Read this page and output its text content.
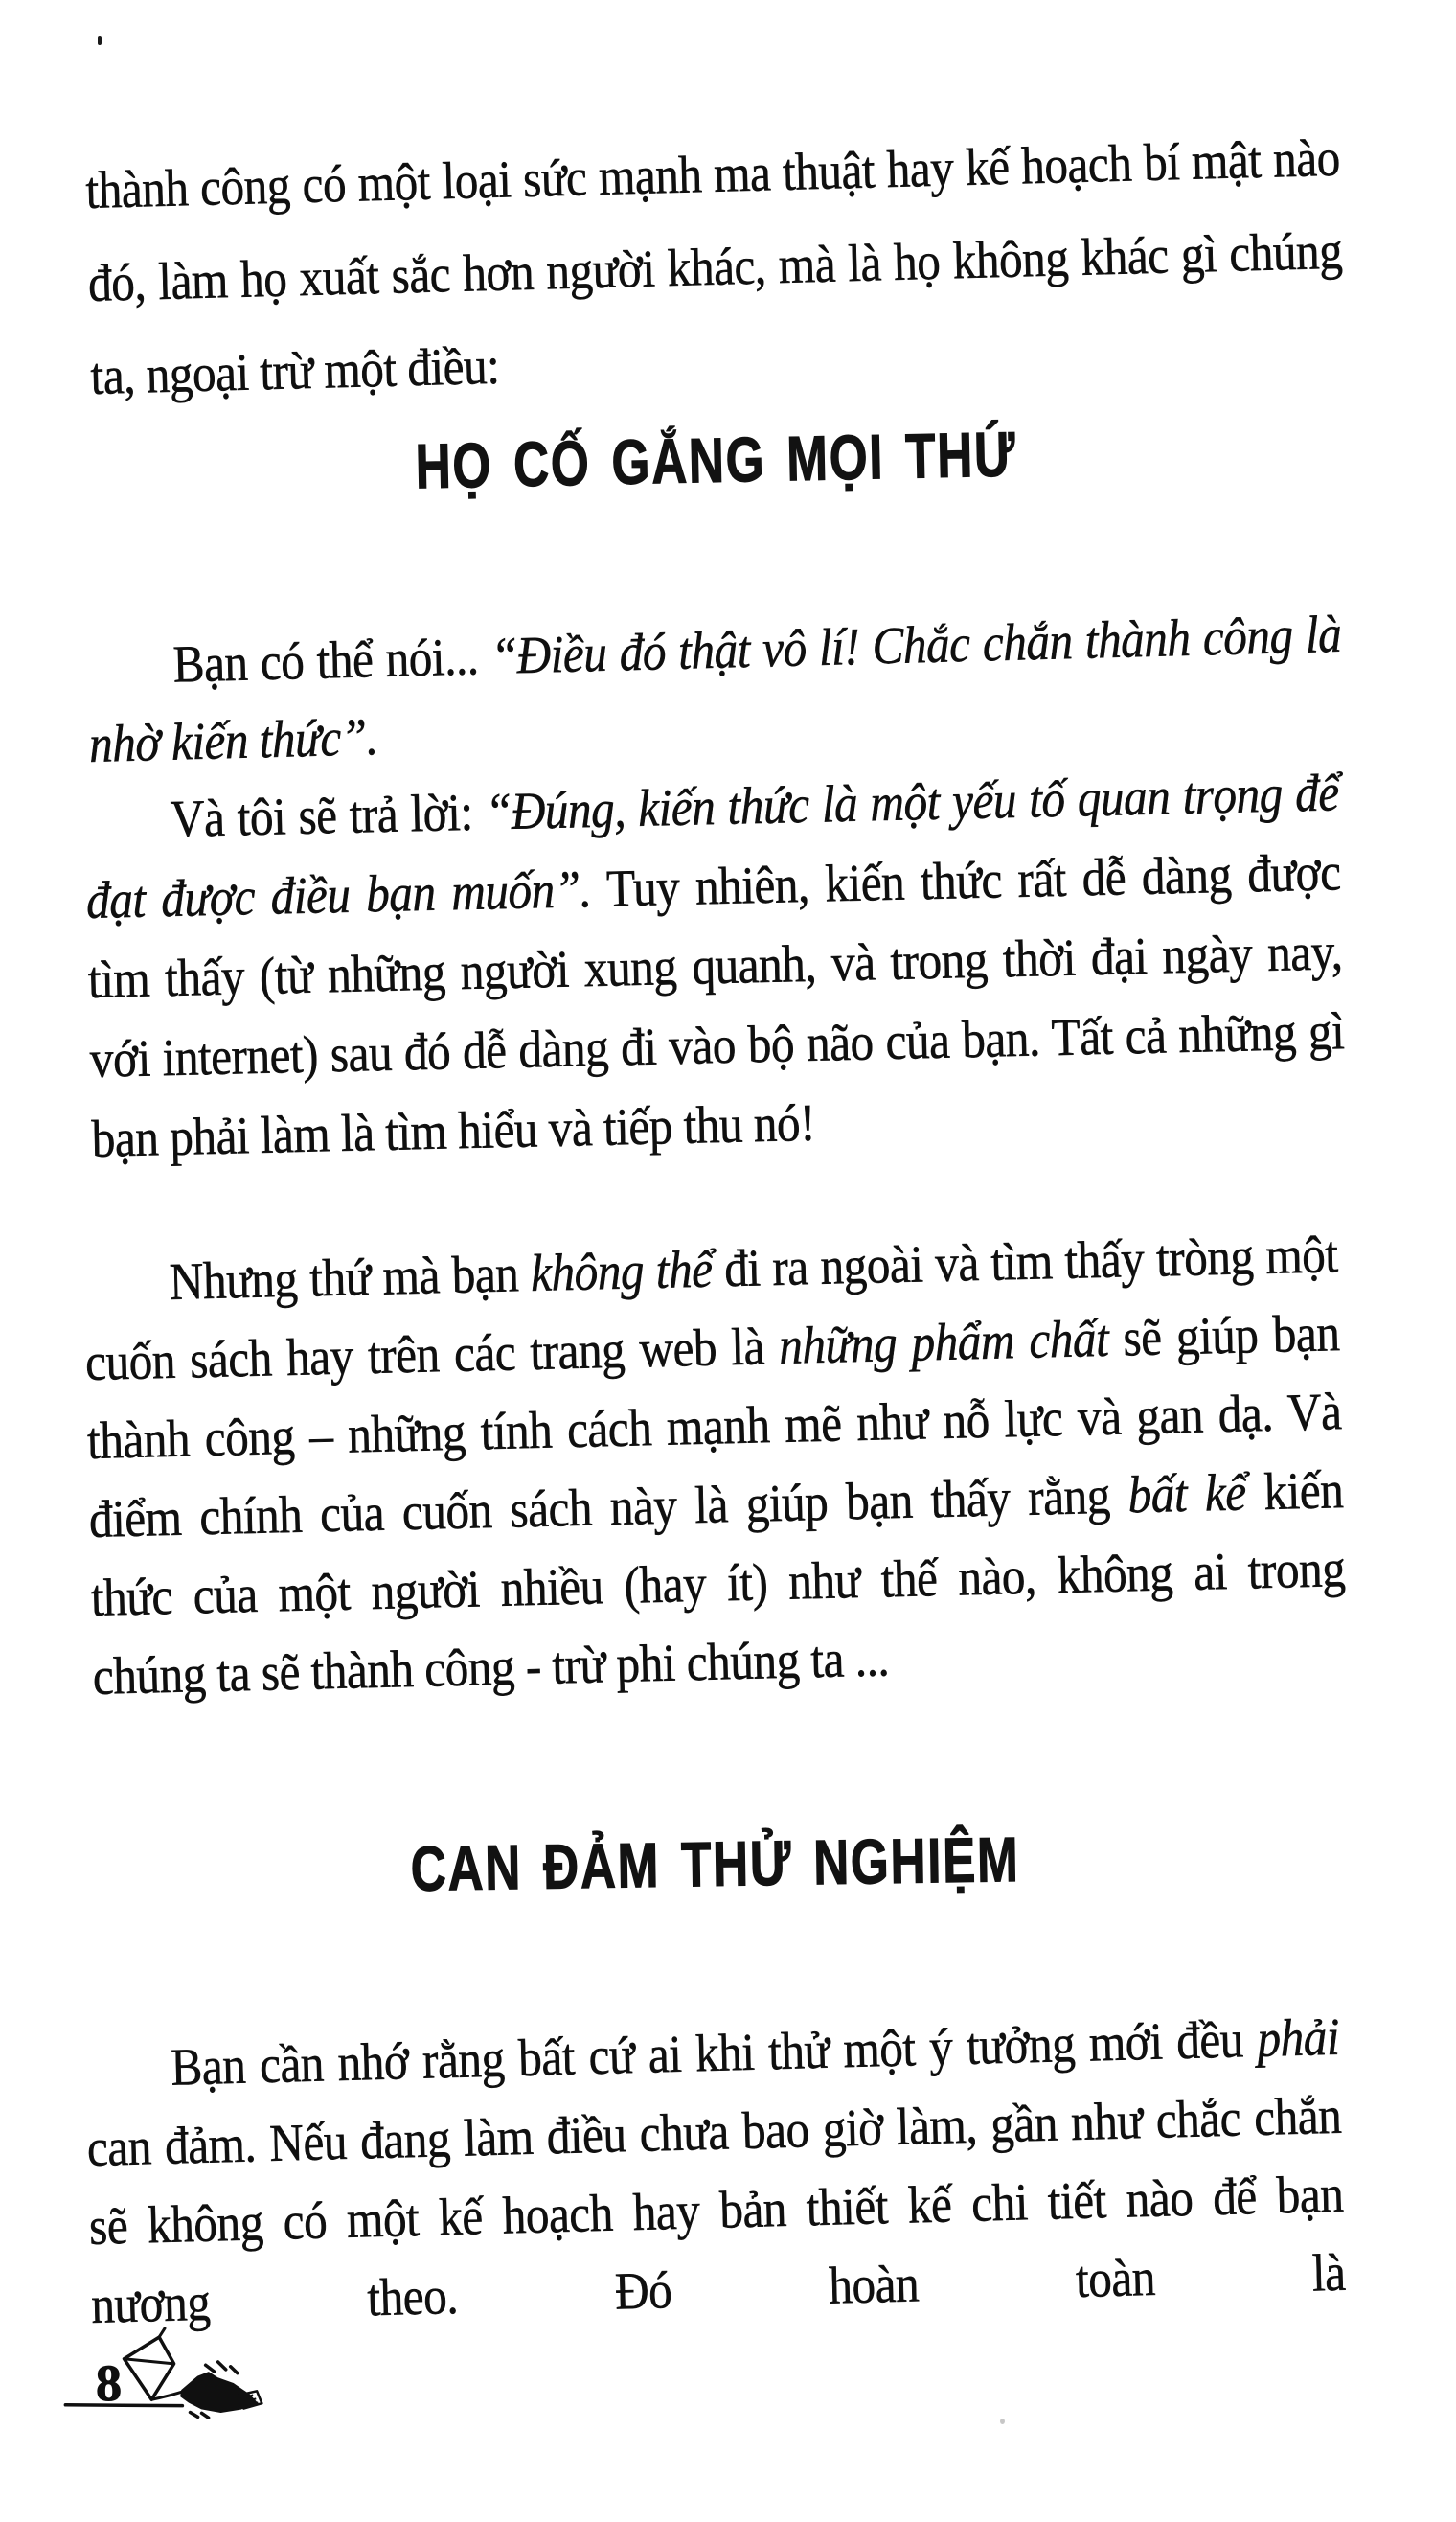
thành công có một loại sức mạnh ma thuật hay kế hoạch bí mật nào đó, làm họ xuất sắc hơn người khác, mà là họ không khác gì chúng ta, ngoại trừ một điều:

HỌ CỐ GẮNG MỌI THỨ

Bạn có thể nói... “Điều đó thật vô lí! Chắc chắn thành công là nhờ kiến thức”.

Và tôi sẽ trả lời: “Đúng, kiến thức là một yếu tố quan trọng để đạt được điều bạn muốn”. Tuy nhiên, kiến thức rất dễ dàng được tìm thấy (từ những người xung quanh, và trong thời đại ngày nay, với internet) sau đó dễ dàng đi vào bộ não của bạn. Tất cả những gì bạn phải làm là tìm hiểu và tiếp thu nó!

Nhưng thứ mà bạn không thể đi ra ngoài và tìm thấy tròng một cuốn sách hay trên các trang web là những phẩm chất sẽ giúp bạn thành công – những tính cách mạnh mẽ như nỗ lực và gan dạ. Và điểm chính của cuốn sách này là giúp bạn thấy rằng bất kể kiến thức của một người nhiều (hay ít) như thế nào, không ai trong chúng ta sẽ thành công - trừ phi chúng ta ...

CAN ĐẢM THỬ NGHIỆM

Bạn cần nhớ rằng bất cứ ai khi thử một ý tưởng mới đều phải can đảm. Nếu đang làm điều chưa bao giờ làm, gần như chắc chắn sẽ không có một kế hoạch hay bản thiết kế chi tiết nào để bạn nương theo. Đó hoàn toàn là

8
